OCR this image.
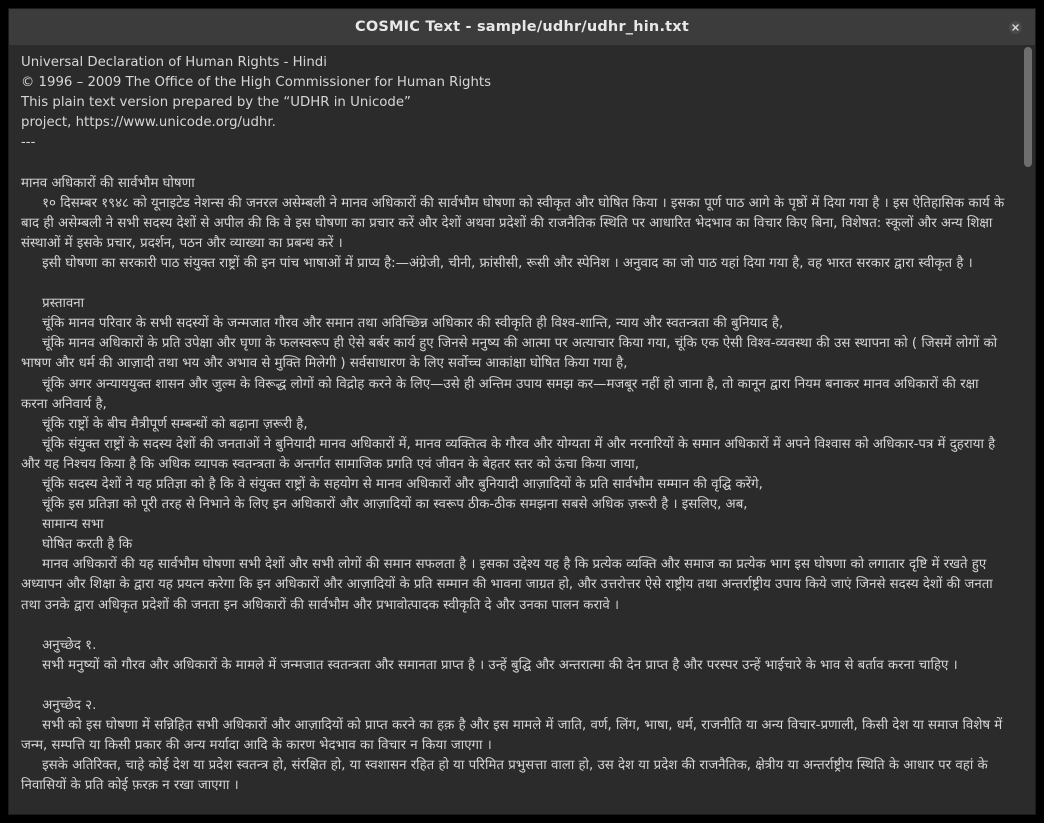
COSMIC Text - sample/udhr/udhr_hin.txt
Universal Declaration of Human Rights - Hindi
© 1996 – 2009 The Office of the High Commissioner for Human Rights
This plain text version prepared by the “UDHR in Unicode”
project, https://www.unicode.org/udhr.
---
मानव अधिकारों की सार्वभौम घोषणा
१० दिसम्बर १९४८ को यूनाइटेड नेशन्स की जनरल असेम्बली ने मानव अधिकारों की सार्वभौम घोषणा को स्वीकृत और घोषित किया । इसका पूर्ण पाठ आगे के पृष्ठों में दिया गया है । इस ऐतिहासिक कार्य के बाद ही असेम्बली ने सभी सदस्य देशों से अपील की कि वे इस घोषणा का प्रचार करें और देशों अथवा प्रदेशों की राजनैतिक स्थिति पर आधारित भेदभाव का विचार किए बिना, विशेषत: स्कूलों और अन्य शिक्षा संस्थाओं में इसके प्रचार, प्रदर्शन, पठन और व्याख्या का प्रबन्ध करें ।
इसी घोषणा का सरकारी पाठ संयुक्त राष्ट्रों की इन पांच भाषाओं में प्राप्य है:—अंग्रेजी, चीनी, फ्रांसीसी, रूसी और स्पेनिश । अनुवाद का जो पाठ यहां दिया गया है, वह भारत सरकार द्वारा स्वीकृत है ।
प्रस्तावना
चूंकि मानव परिवार के सभी सदस्यों के जन्मजात गौरव और समान तथा अविच्छिन्न अधिकार की स्वीकृति ही विश्व-शान्ति, न्याय और स्वतन्त्रता की बुनियाद है,
चूंकि मानव अधिकारों के प्रति उपेक्षा और घृणा के फलस्वरूप ही ऐसे बर्बर कार्य हुए जिनसे मनुष्य की आत्मा पर अत्याचार किया गया, चूंकि एक ऐसी विश्व-व्यवस्था की उस स्थापना को ( जिसमें लोगों को भाषण और धर्म की आज़ादी तथा भय और अभाव से मुक्ति मिलेगी ) सर्वसाधारण के लिए सर्वोच्च आकांक्षा घोषित किया गया है,
चूंकि अगर अन्याययुक्त शासन और जुल्म के विरूद्ध लोगों को विद्रोह करने के लिए—उसे ही अन्तिम उपाय समझ कर—मजबूर नहीं हो जाना है, तो कानून द्वारा नियम बनाकर मानव अधिकारों की रक्षा करना अनिवार्य है,
चूंकि राष्ट्रों के बीच मैत्रीपूर्ण सम्बन्धों को बढ़ाना ज़रूरी है,
चूंकि संयुक्त राष्ट्रों के सदस्य देशों की जनताओं ने बुनियादी मानव अधिकारों में, मानव व्यक्तित्व के गौरव और योग्यता में और नरनारियों के समान अधिकारों में अपने विश्वास को अधिकार-पत्र में दुहराया है और यह निश्चय किया है कि अधिक व्यापक स्वतन्त्रता के अन्तर्गत सामाजिक प्रगति एवं जीवन के बेहतर स्तर को ऊंचा किया जाया,
चूंकि सदस्य देशों ने यह प्रतिज्ञा को है कि वे संयुक्त राष्ट्रों के सहयोग से मानव अधिकारों और बुनियादी आज़ादियों के प्रति सार्वभौम सम्मान की वृद्घि करेंगे,
चूंकि इस प्रतिज्ञा को पूरी तरह से निभाने के लिए इन अधिकारों और आज़ादियों का स्वरूप ठीक-ठीक समझना सबसे अधिक ज़रूरी है । इसलिए, अब,
सामान्य सभा
घोषित करती है कि
मानव अधिकारों की यह सार्वभौम घोषणा सभी देशों और सभी लोगों की समान सफलता है । इसका उद्देश्य यह है कि प्रत्येक व्यक्ति और समाज का प्रत्येक भाग इस घोषणा को लगातार दृष्टि में रखते हुए अध्यापन और शिक्षा के द्वारा यह प्रयत्न करेगा कि इन अधिकारों और आज़ादियों के प्रति सम्मान की भावना जाग्रत हो, और उत्तरोत्तर ऐसे राष्ट्रीय तथा अन्तर्राष्ट्रीय उपाय किये जाएं जिनसे सदस्य देशों की जनता तथा उनके द्वारा अधिकृत प्रदेशों की जनता इन अधिकारों की सार्वभौम और प्रभावोत्पादक स्वीकृति दे और उनका पालन करावे ।
अनुच्छेद १.
सभी मनुष्यों को गौरव और अधिकारों के मामले में जन्मजात स्वतन्त्रता और समानता प्राप्त है । उन्हें बुद्घि और अन्तरात्मा की देन प्राप्त है और परस्पर उन्हें भाईचारे के भाव से बर्ताव करना चाहिए ।
अनुच्छेद २.
सभी को इस घोषणा में सन्निहित सभी अधिकारों और आज़ादियों को प्राप्त करने का हक़ है और इस मामले में जाति, वर्ण, लिंग, भाषा, धर्म, राजनीति या अन्य विचार-प्रणाली, किसी देश या समाज विशेष में जन्म, सम्पत्ति या किसी प्रकार की अन्य मर्यादा आदि के कारण भेदभाव का विचार न किया जाएगा ।
इसके अतिरिक्त, चाहे कोई देश या प्रदेश स्वतन्त्र हो, संरक्षित हो, या स्वशासन रहित हो या परिमित प्रभुसत्ता वाला हो, उस देश या प्रदेश की राजनैतिक, क्षेत्रीय या अन्तर्राष्ट्रीय स्थिति के आधार पर वहां के निवासियों के प्रति कोई फ़रक़ न रखा जाएगा ।
